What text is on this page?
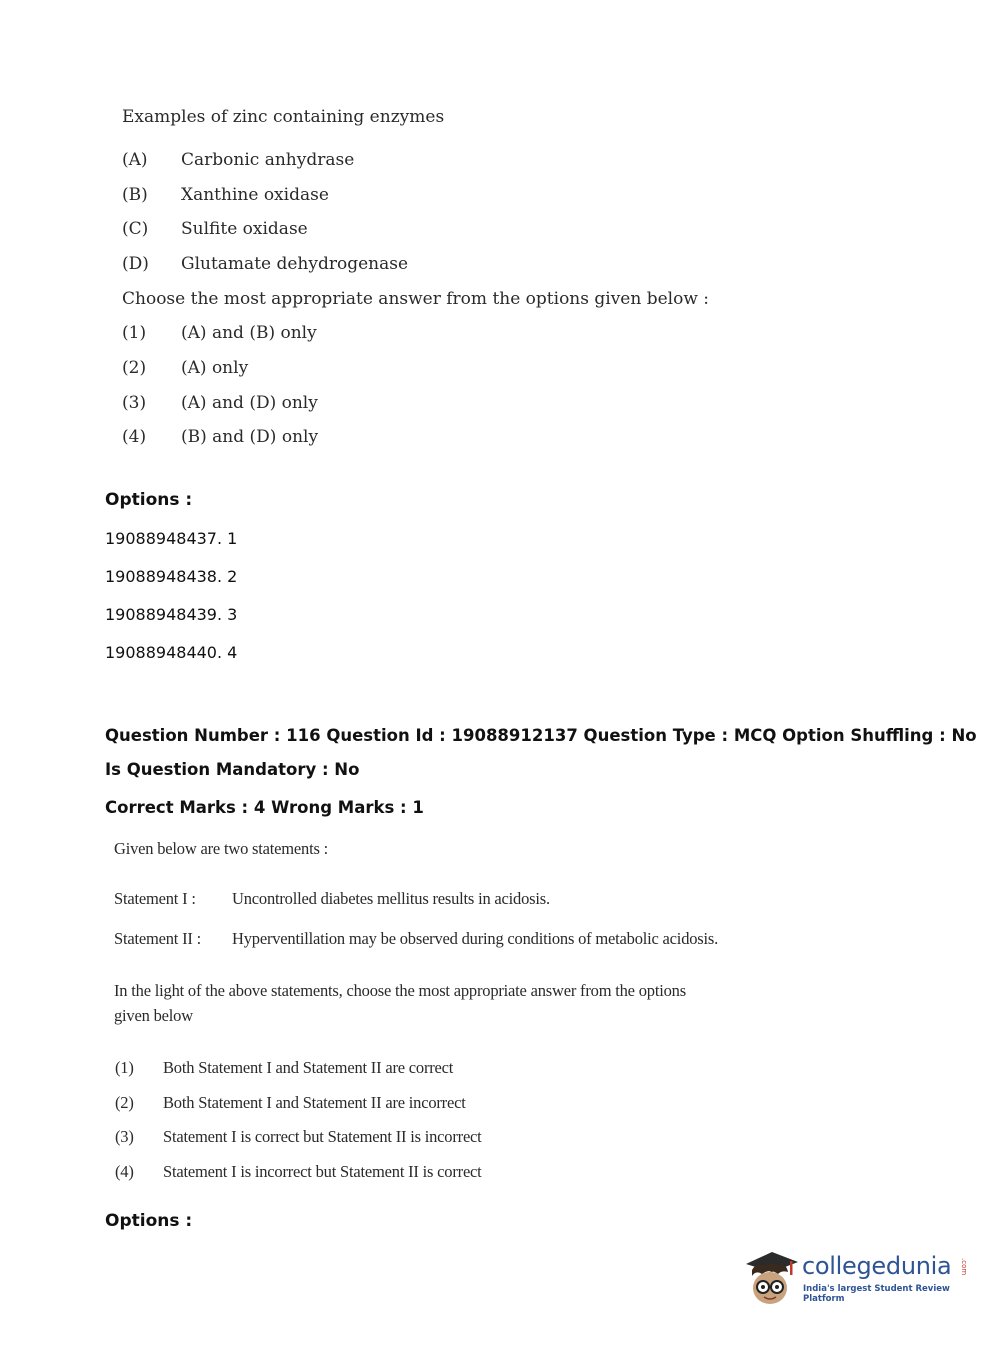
Examples of zinc containing enzymes
(A) Carbonic anhydrase
(B) Xanthine oxidase
(C) Sulfite oxidase
(D) Glutamate dehydrogenase
Choose the most appropriate answer from the options given below :
(1) (A) and (B) only
(2) (A) only
(3) (A) and (D) only
(4) (B) and (D) only
Options :
19088948437. 1
19088948438. 2
19088948439. 3
19088948440. 4
Question Number : 116 Question Id : 19088912137 Question Type : MCQ Option Shuffling : No
Is Question Mandatory : No
Correct Marks : 4 Wrong Marks : 1
Given below are two statements :
Statement I : Uncontrolled diabetes mellitus results in acidosis.
Statement II : Hyperventillation may be observed during conditions of metabolic acidosis.
In the light of the above statements, choose the most appropriate answer from the options
given below
(1) Both Statement I and Statement II are correct
(2) Both Statement I and Statement II are incorrect
(3) Statement I is correct but Statement II is incorrect
(4) Statement I is incorrect but Statement II is correct
Options :
collegedunia .com
India's largest Student Review Platform
